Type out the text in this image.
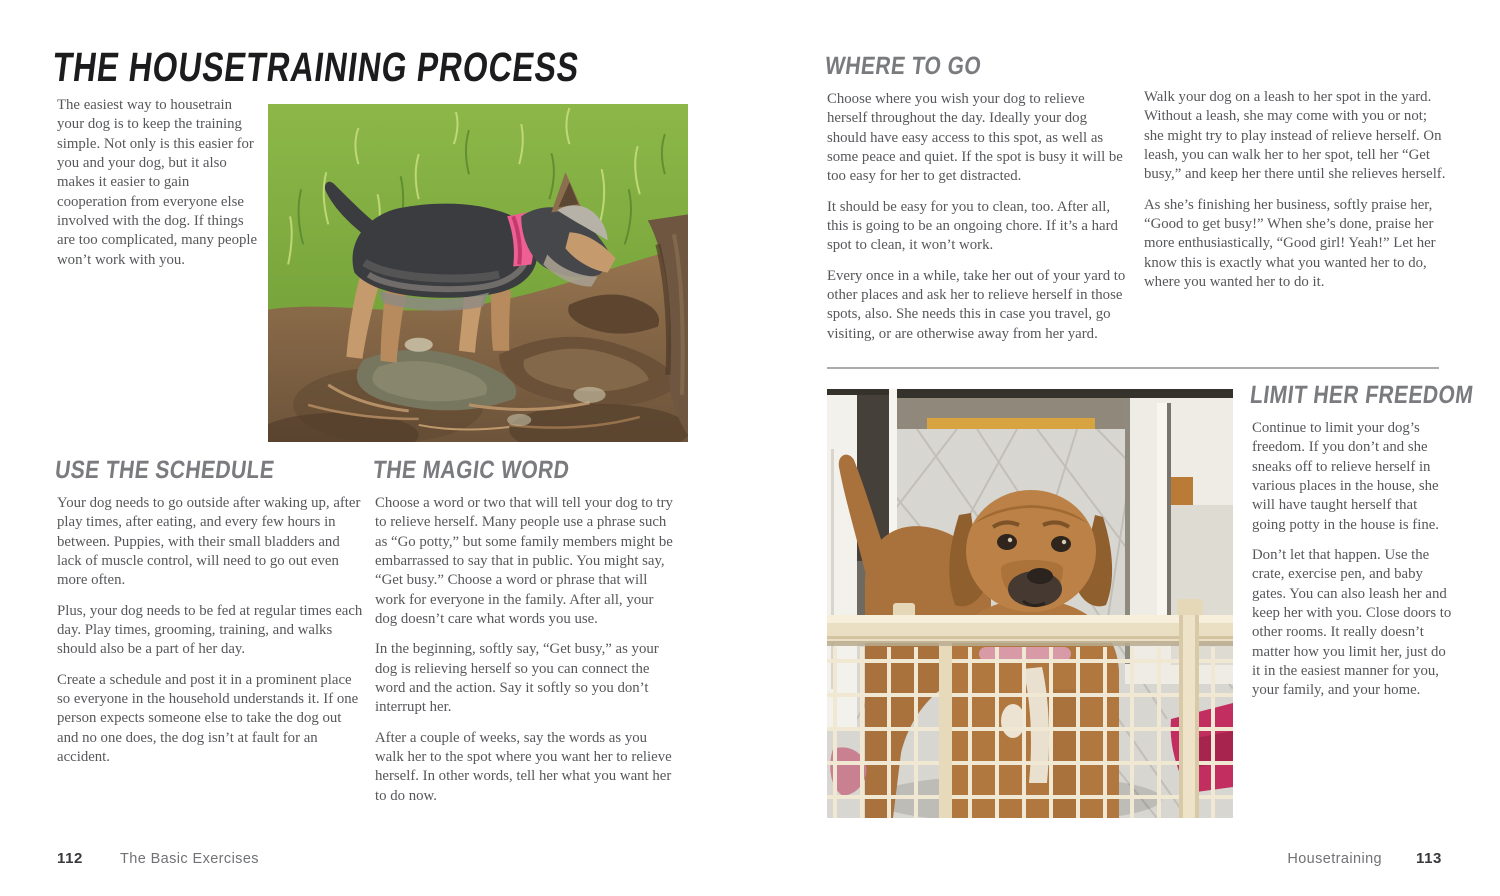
THE HOUSETRAINING PROCESS

The easiest way to housetrain your dog is to keep the training simple. Not only is this easier for you and your dog, but it also makes it easier to gain cooperation from everyone else involved with the dog. If things are too complicated, many people won’t work with you.

USE THE SCHEDULE

Your dog needs to go outside after waking up, after play times, after eating, and every few hours in between. Puppies, with their small bladders and lack of muscle control, will need to go out even more often.

Plus, your dog needs to be fed at regular times each day. Play times, grooming, training, and walks should also be a part of her day.

Create a schedule and post it in a prominent place so everyone in the household understands it. If one person expects someone else to take the dog out and no one does, the dog isn’t at fault for an accident.

THE MAGIC WORD

Choose a word or two that will tell your dog to try to relieve herself. Many people use a phrase such as “Go potty,” but some family members might be embarrassed to say that in public. You might say, “Get busy.” Choose a word or phrase that will work for everyone in the family. After all, your dog doesn’t care what words you use.

In the beginning, softly say, “Get busy,” as your dog is relieving herself so you can connect the word and the action. Say it softly so you don’t interrupt her.

After a couple of weeks, say the words as you walk her to the spot where you want her to relieve herself. In other words, tell her what you want her to do now.

112	The Basic Exercises
WHERE TO GO

Choose where you wish your dog to relieve herself throughout the day. Ideally your dog should have easy access to this spot, as well as some peace and quiet. If the spot is busy it will be too easy for her to get distracted.

It should be easy for you to clean, too. After all, this is going to be an ongoing chore. If it’s a hard spot to clean, it won’t work.

Every once in a while, take her out of your yard to other places and ask her to relieve herself in those spots, also. She needs this in case you travel, go visiting, or are otherwise away from her yard.

Walk your dog on a leash to her spot in the yard. Without a leash, she may come with you or not; she might try to play instead of relieve herself. On leash, you can walk her to her spot, tell her “Get busy,” and keep her there until she relieves herself.

As she’s finishing her business, softly praise her, “Good to get busy!” When she’s done, praise her more enthusiastically, “Good girl! Yeah!” Let her know this is exactly what you wanted her to do, where you wanted her to do it.

LIMIT HER FREEDOM

Continue to limit your dog’s freedom. If you don’t and she sneaks off to relieve herself in various places in the house, she will have taught herself that going potty in the house is fine.

Don’t let that happen. Use the crate, exercise pen, and baby gates. You can also leash her and keep her with you. Close doors to other rooms. It really doesn’t matter how you limit her, just do it in the easiest manner for you, your family, and your home.

Housetraining 113
